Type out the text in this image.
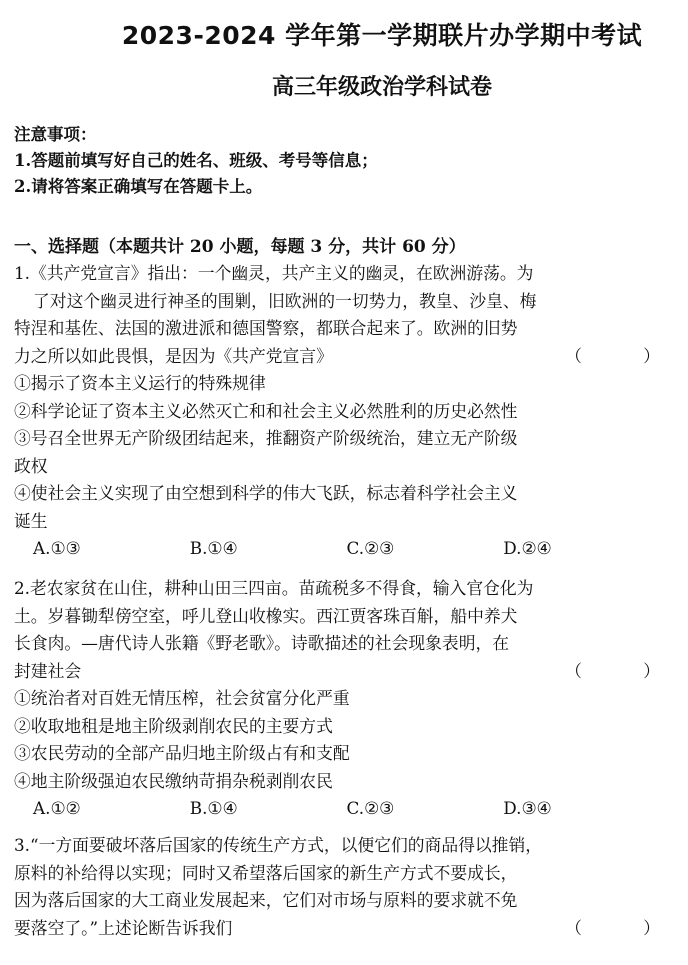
2023-2024 学年第一学期联片办学期中考试
高三年级政治学科试卷
注意事项：
1.答题前填写好自己的姓名、班级、考号等信息；
2.请将答案正确填写在答题卡上。
一、选择题（本题共计 20 小题，每题 3 分，共计 60 分）
1.《共产党宣言》指出：一个幽灵，共产主义的幽灵，在欧洲游荡。为
了对这个幽灵进行神圣的围剿，旧欧洲的一切势力，教皇、沙皇、梅
特涅和基佐、法国的激进派和德国警察，都联合起来了。欧洲的旧势
力之所以如此畏惧，是因为《共产党宣言》	（ ）
①揭示了资本主义运行的特殊规律
②科学论证了资本主义必然灭亡和和社会主义必然胜利的历史必然性
③号召全世界无产阶级团结起来，推翻资产阶级统治，建立无产阶级
政权
④使社会主义实现了由空想到科学的伟大飞跃，标志着科学社会主义
诞生
A.①③	B.①④	C.②③	D.②④
2.老农家贫在山住，耕种山田三四亩。苗疏税多不得食，输入官仓化为
土。岁暮锄犁傍空室，呼儿登山收橡实。西江贾客珠百斛，船中养犬
长食肉。—唐代诗人张籍《野老歌》。诗歌描述的社会现象表明，在
封建社会	（ ）
①统治者对百姓无情压榨，社会贫富分化严重
②收取地租是地主阶级剥削农民的主要方式
③农民劳动的全部产品归地主阶级占有和支配
④地主阶级强迫农民缴纳苛捐杂税剥削农民
A.①②	B.①④	C.②③	D.③④
3.“一方面要破坏落后国家的传统生产方式，以便它们的商品得以推销，
原料的补给得以实现；同时又希望落后国家的新生产方式不要成长，
因为落后国家的大工商业发展起来，它们对市场与原料的要求就不免
要落空了。”上述论断告诉我们	（ ）
